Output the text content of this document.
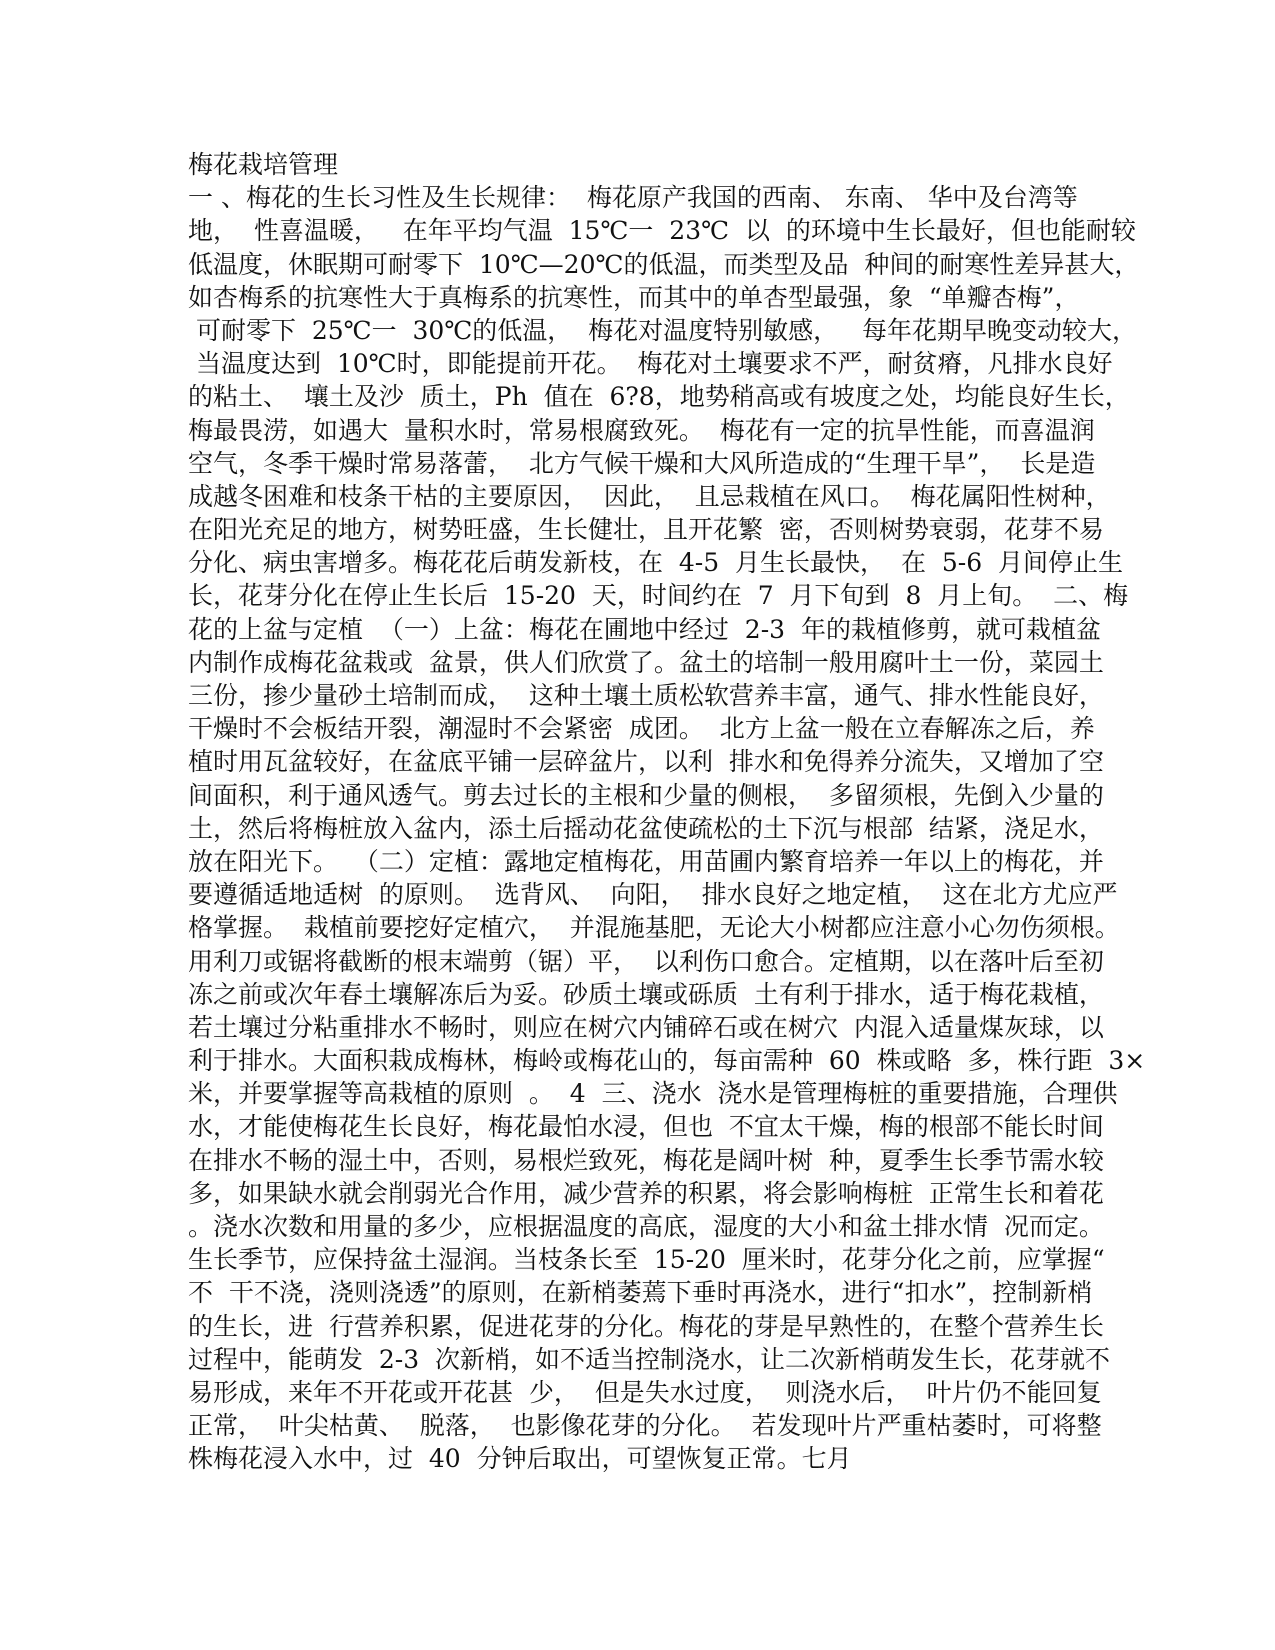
梅花栽培管理
一 、梅花的生长习性及生长规律：  梅花原产我国的西南、 东南、 华中及台湾等
地，  性喜温暖，   在年平均气温  15℃一  23℃  以  的环境中生长最好，但也能耐较
低温度，休眠期可耐零下  10℃—20℃的低温，而类型及品  种间的耐寒性差异甚大，
如杏梅系的抗寒性大于真梅系的抗寒性，而其中的单杏型最强，象  “单瓣杏梅”，
可耐零下  25℃一  30℃的低温，  梅花对温度特别敏感，   每年花期早晚变动较大，
当温度达到  10℃时，即能提前开花。  梅花对土壤要求不严，耐贫瘠，凡排水良好
的粘土、  壤土及沙  质土，Ph  值在  6?8，地势稍高或有坡度之处，均能良好生长，
梅最畏涝，如遇大  量积水时，常易根腐致死。  梅花有一定的抗旱性能，而喜温润
空气，冬季干燥时常易落蕾，  北方气候干燥和大风所造成的“生理干旱”，  长是造
成越冬困难和枝条干枯的主要原因，  因此，  且忌栽植在风口。  梅花属阳性树种，
在阳光充足的地方，树势旺盛，生长健壮，且开花繁  密，否则树势衰弱，花芽不易
分化、病虫害增多。梅花花后萌发新枝，在  4-5  月生长最快，  在  5-6  月间停止生
长，花芽分化在停止生长后  15-20  天，时间约在  7  月下旬到  8  月上旬。  二、梅
花的上盆与定植  （一）上盆：梅花在圃地中经过  2-3  年的栽植修剪，就可栽植盆
内制作成梅花盆栽或  盆景，供人们欣赏了。盆土的培制一般用腐叶土一份，菜园土
三份，掺少量砂土培制而成，  这种土壤土质松软营养丰富，通气、排水性能良好，
干燥时不会板结开裂，潮湿时不会紧密  成团。  北方上盆一般在立春解冻之后，养
植时用瓦盆较好，在盆底平铺一层碎盆片，以利  排水和免得养分流失，又增加了空
间面积，利于通风透气。剪去过长的主根和少量的侧根，  多留须根，先倒入少量的
土，然后将梅桩放入盆内，添土后摇动花盆使疏松的土下沉与根部  结紧，浇足水，
放在阳光下。  （二）定植：露地定植梅花，用苗圃内繁育培养一年以上的梅花，并
要遵循适地适树  的原则。  选背风、  向阳，  排水良好之地定植，  这在北方尤应严
格掌握。  栽植前要挖好定植穴，  并混施基肥，无论大小树都应注意小心勿伤须根。
用利刀或锯将截断的根末端剪（锯）平，  以利伤口愈合。定植期，以在落叶后至初
冻之前或次年春土壤解冻后为妥。砂质土壤或砾质  土有利于排水，适于梅花栽植，
若土壤过分粘重排水不畅时，则应在树穴内铺碎石或在树穴  内混入适量煤灰球，以
利于排水。大面积栽成梅林，梅岭或梅花山的，每亩需种  60  株或略  多，株行距  3×
米，并要掌握等高栽植的原则  。  4  三、浇水  浇水是管理梅桩的重要措施，合理供
水，才能使梅花生长良好，梅花最怕水浸，但也  不宜太干燥，梅的根部不能长时间
在排水不畅的湿土中，否则，易根烂致死，梅花是阔叶树  种，夏季生长季节需水较
多，如果缺水就会削弱光合作用，减少营养的积累，将会影响梅桩  正常生长和着花
。浇水次数和用量的多少，应根据温度的高底，湿度的大小和盆土排水情  况而定。
生长季节，应保持盆土湿润。当枝条长至  15-20  厘米时，花芽分化之前，应掌握“
不  干不浇，浇则浇透”的原则，在新梢萎蔫下垂时再浇水，进行“扣水”，控制新梢
的生长，进  行营养积累，促进花芽的分化。梅花的芽是早熟性的，在整个营养生长
过程中，能萌发  2-3  次新梢，如不适当控制浇水，让二次新梢萌发生长，花芽就不
易形成，来年不开花或开花甚  少，  但是失水过度，  则浇水后，  叶片仍不能回复
正常，  叶尖枯黄、  脱落，  也影像花芽的分化。  若发现叶片严重枯萎时，可将整
株梅花浸入水中，过  40  分钟后取出，可望恢复正常。七月
